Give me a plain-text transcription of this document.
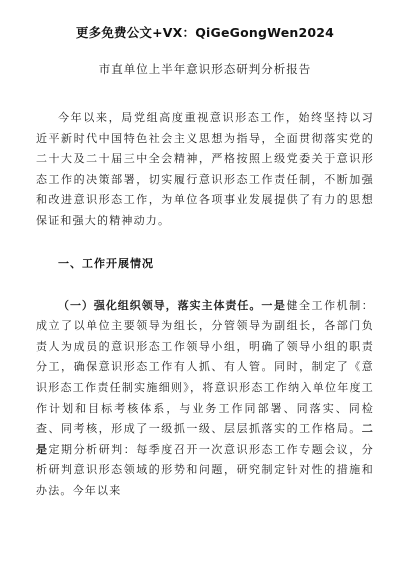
更多免费公文+VX：QiGeGongWen2024

市直单位上半年意识形态研判分析报告

今年以来，局党组高度重视意识形态工作，始终坚持以习近平新时代中国特色社会主义思想为指导，全面贯彻落实党的二十大及二十届三中全会精神，严格按照上级党委关于意识形态工作的决策部署，切实履行意识形态工作责任制，不断加强和改进意识形态工作，为单位各项事业发展提供了有力的思想保证和强大的精神动力。

一、工作开展情况

（一）强化组织领导，落实主体责任。一是健全工作机制：成立了以单位主要领导为组长，分管领导为副组长，各部门负责人为成员的意识形态工作领导小组，明确了领导小组的职责分工，确保意识形态工作有人抓、有人管。同时，制定了《意识形态工作责任制实施细则》，将意识形态工作纳入单位年度工作计划和目标考核体系，与业务工作同部署、同落实、同检查、同考核，形成了一级抓一级、层层抓落实的工作格局。二是定期分析研判：每季度召开一次意识形态工作专题会议，分析研判意识形态领域的形势和问题，研究制定针对性的措施和办法。今年以来
